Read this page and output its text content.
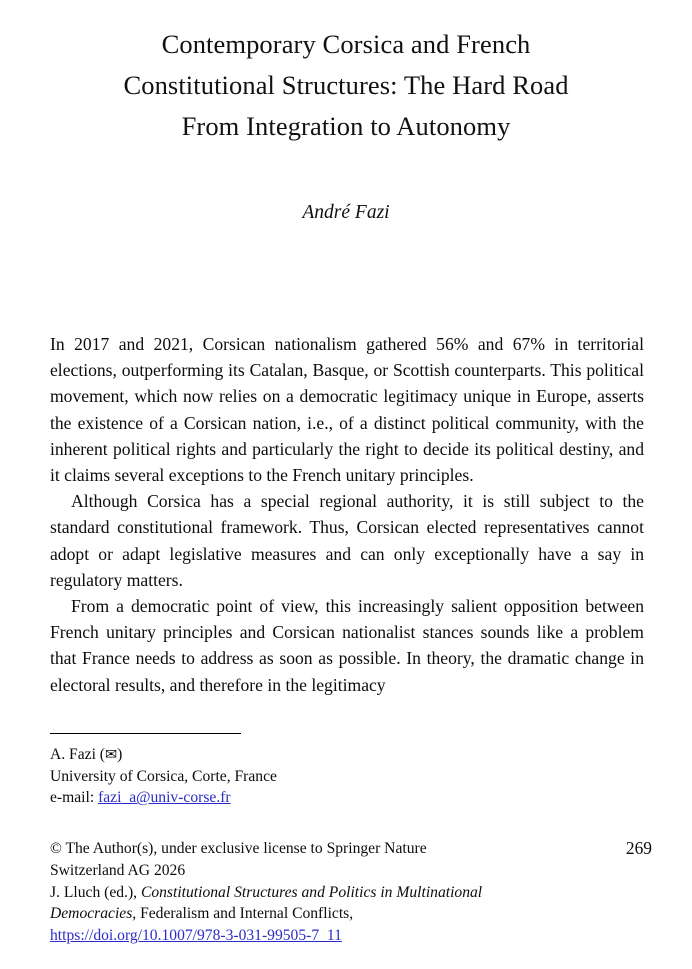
Contemporary Corsica and French
Constitutional Structures: The Hard Road
From Integration to Autonomy
André Fazi

In 2017 and 2021, Corsican nationalism gathered 56% and 67% in territorial elections, outperforming its Catalan, Basque, or Scottish counterparts. This political movement, which now relies on a democratic legitimacy unique in Europe, asserts the existence of a Corsican nation, i.e., of a distinct political community, with the inherent political rights and particularly the right to decide its political destiny, and it claims several exceptions to the French unitary principles.

Although Corsica has a special regional authority, it is still subject to the standard constitutional framework. Thus, Corsican elected representatives cannot adopt or adapt legislative measures and can only exceptionally have a say in regulatory matters.

From a democratic point of view, this increasingly salient opposition between French unitary principles and Corsican nationalist stances sounds like a problem that France needs to address as soon as possible. In theory, the dramatic change in electoral results, and therefore in the legitimacy

A. Fazi (✉)
University of Corsica, Corte, France
e-mail: fazi_a@univ-corse.fr
© The Author(s), under exclusive license to Springer Nature
Switzerland AG 2026
J. Lluch (ed.), Constitutional Structures and Politics in Multinational
Democracies, Federalism and Internal Conflicts,
https://doi.org/10.1007/978-3-031-99505-7_11
269
